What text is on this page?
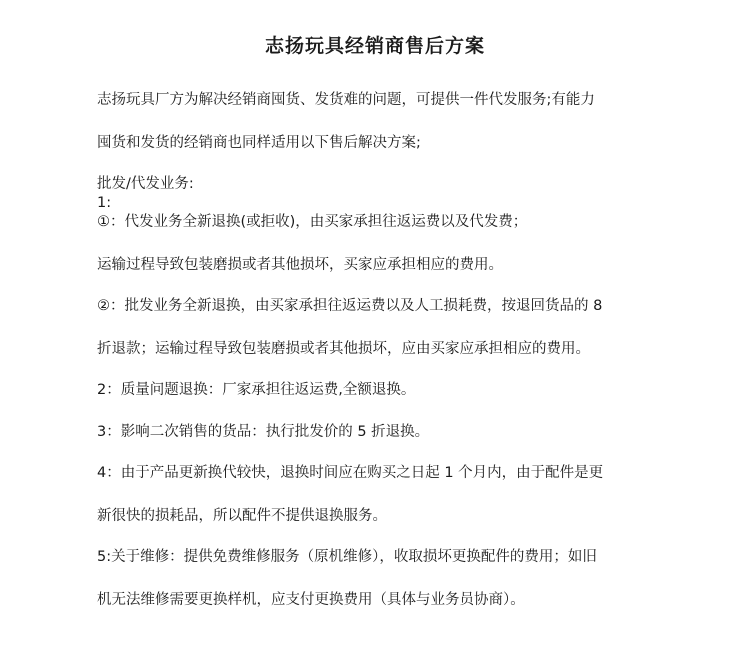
志扬玩具经销商售后方案

志扬玩具厂方为解决经销商囤货、发货难的问题，可提供一件代发服务;有能力

囤货和发货的经销商也同样适用以下售后解决方案;

批发/代发业务:

1:

①：代发业务全新退换(或拒收)，由买家承担往返运费以及代发费；

运输过程导致包装磨损或者其他损坏，买家应承担相应的费用。

②：批发业务全新退换，由买家承担往返运费以及人工损耗费，按退回货品的 8

折退款；运输过程导致包装磨损或者其他损坏，应由买家应承担相应的费用。

2：质量问题退换：厂家承担往返运费,全额退换。

3：影响二次销售的货品：执行批发价的 5 折退换。

4：由于产品更新换代较快，退换时间应在购买之日起 1 个月内，由于配件是更

新很快的损耗品，所以配件不提供退换服务。

5:关于维修：提供免费维修服务（原机维修），收取损坏更换配件的费用；如旧

机无法维修需要更换样机，应支付更换费用（具体与业务员协商）。
